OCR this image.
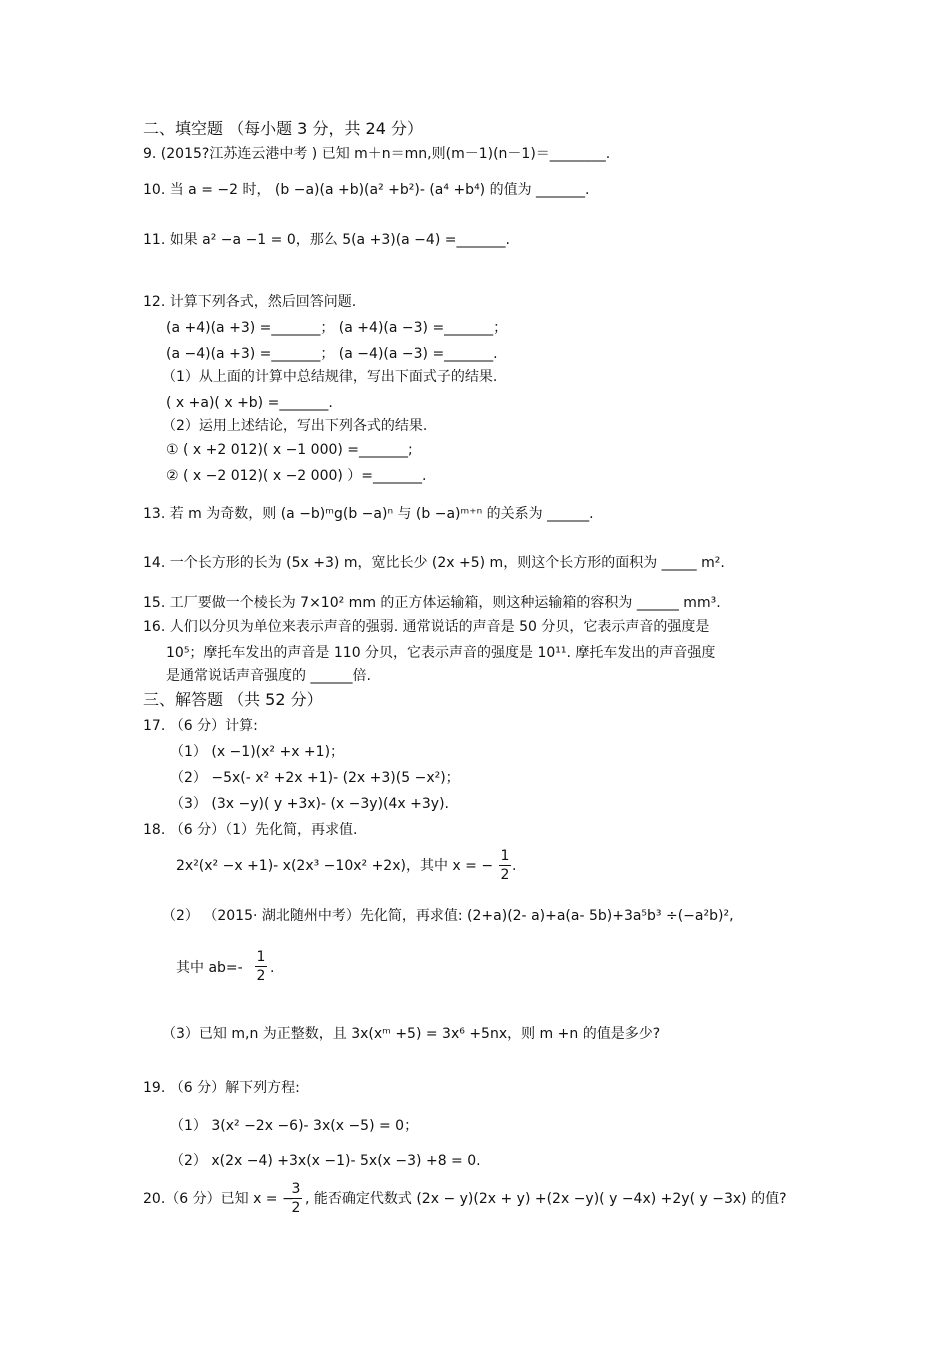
二、填空题 （每小题 3 分，共 24 分）
9. (2015?江苏连云港中考 ) 已知 m＋n＝mn,则(m－1)(n－1)＝________.
10. 当 a = −2 时， (b −a)(a +b)(a² +b²)- (a⁴ +b⁴) 的值为 _______.
11. 如果 a² −a −1 = 0，那么 5(a +3)(a −4) =_______.
12. 计算下列各式，然后回答问题.
(a +4)(a +3) =_______； (a +4)(a −3) =_______；
(a −4)(a +3) =_______； (a −4)(a −3) =_______.
（1）从上面的计算中总结规律，写出下面式子的结果.
( x +a)( x +b) =_______.
（2）运用上述结论，写出下列各式的结果.
① ( x +2 012)( x −1 000) =_______;
② ( x −2 012)( x −2 000) ）=_______.
13. 若 m 为奇数，则 (a −b)ᵐg(b −a)ⁿ 与 (b −a)ᵐ⁺ⁿ 的关系为 ______.
14. 一个长方形的长为 (5x +3) m，宽比长少 (2x +5) m，则这个长方形的面积为 _____ m².
15. 工厂要做一个棱长为 7×10² mm 的正方体运输箱，则这种运输箱的容积为 ______ mm³.
16. 人们以分贝为单位来表示声音的强弱. 通常说话的声音是 50 分贝，它表示声音的强度是
10⁵；摩托车发出的声音是 110 分贝，它表示声音的强度是 10¹¹. 摩托车发出的声音强度
是通常说话声音强度的 ______倍.
三、解答题 （共 52 分）
17. （6 分）计算:
（1） (x −1)(x² +x +1)；
（2） −5x(- x² +2x +1)- (2x +3)(5 −x²)；
（3） (3x −y)( y +3x)- (x −3y)(4x +3y).
18. （6 分）（1）先化简，再求值.
2x²(x² −x +1)- x(2x³ −10x² +2x)，其中 x = −
1
2
.
（2） （2015· 湖北随州中考）先化简，再求值: (2+a)(2- a)+a(a- 5b)+3a⁵b³ ÷(−a²b)²,
其中 ab=-
1
2 .
（3）已知 m,n 为正整数，且 3x(xᵐ +5) = 3x⁶ +5nx，则 m +n 的值是多少?
19. （6 分）解下列方程:
（1） 3(x² −2x −6)- 3x(x −5) = 0；
（2） x(2x −4) +3x(x −1)- 5x(x −3) +8 = 0.
20.（6 分）已知 x = −
3
2
, 能否确定代数式 (2x − y)(2x + y) +(2x −y)( y −4x) +2y( y −3x) 的值?
